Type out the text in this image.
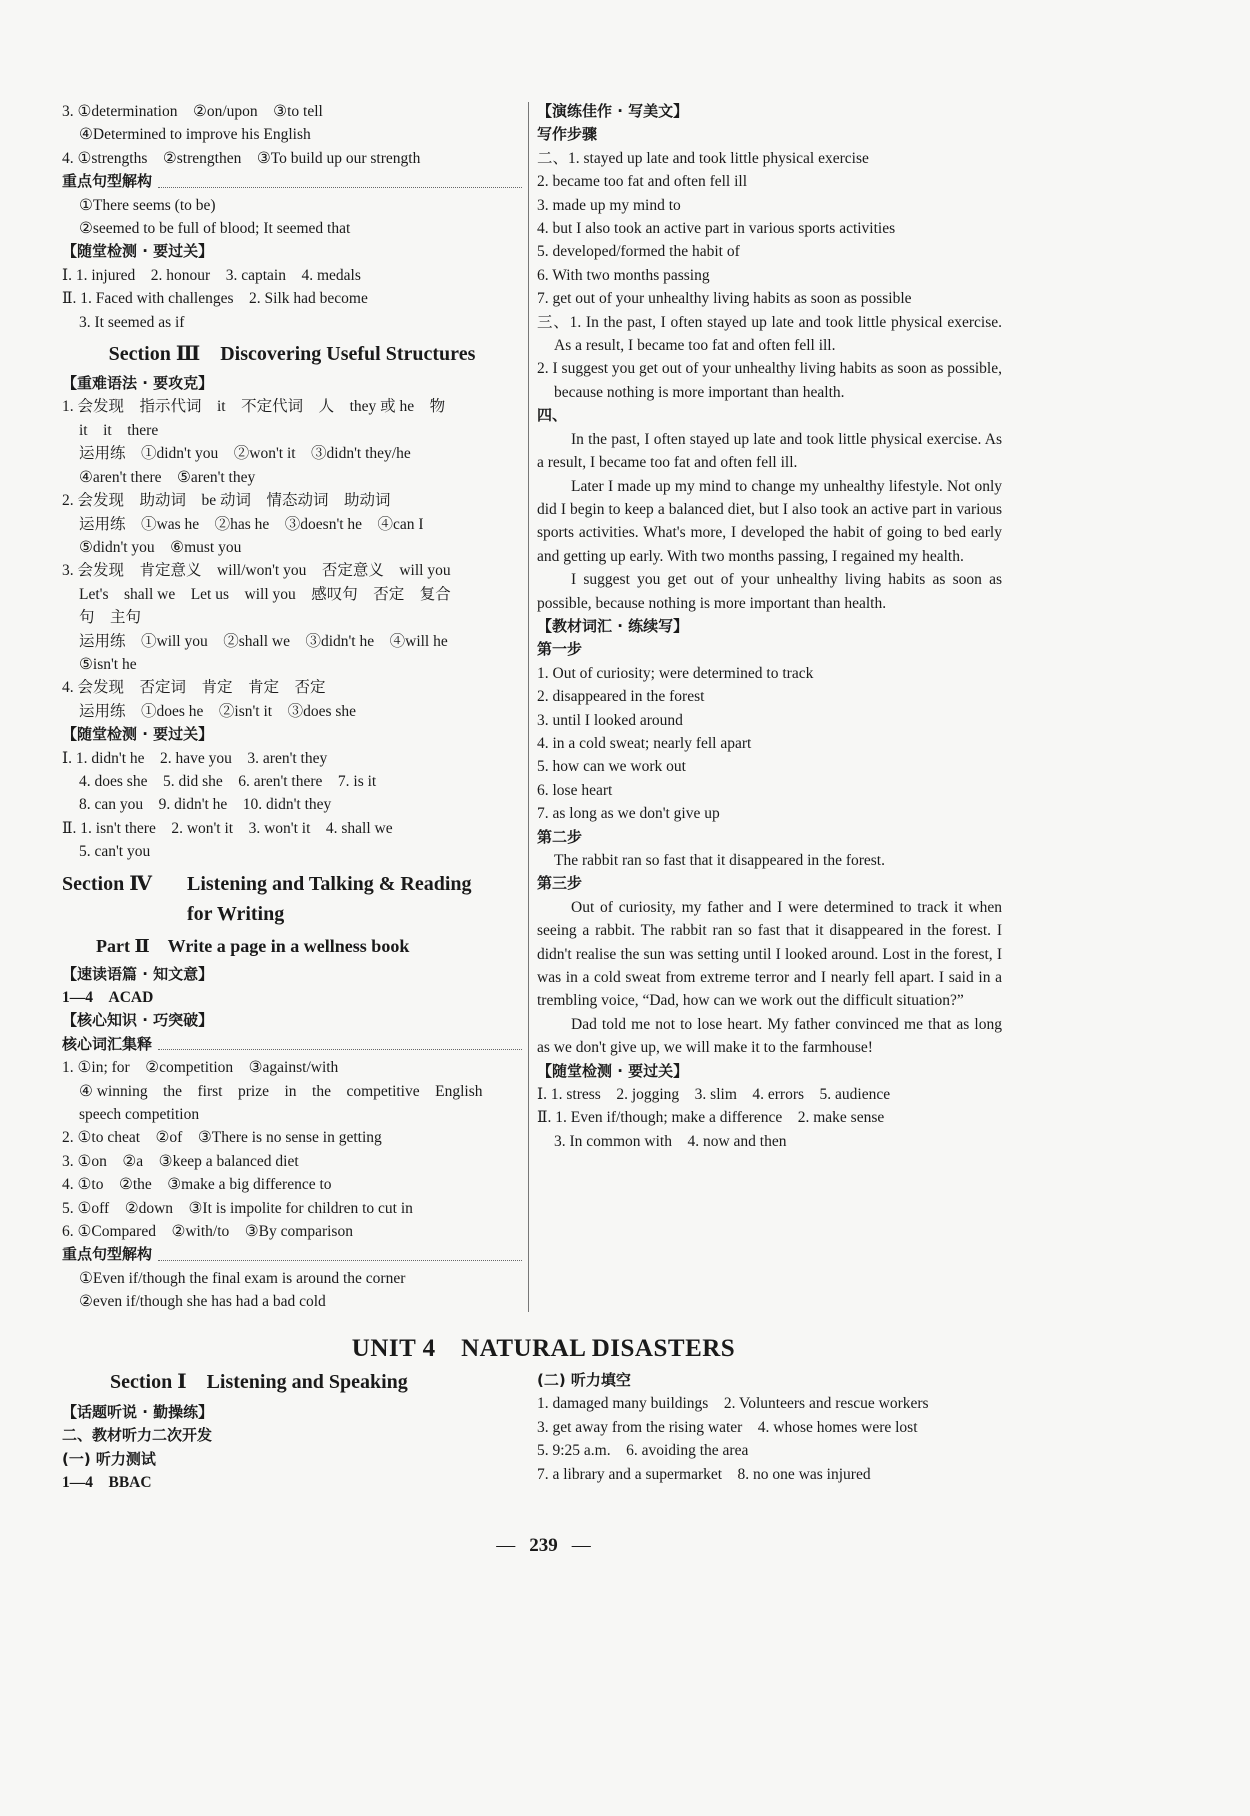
3. ①determination　②on/upon　③to tell
④Determined to improve his English
4. ①strengths　②strengthen　③To build up our strength
重点句型解构
①There seems (to be)
②seemed to be full of blood; It seemed that
【随堂检测 · 要过关】
Ⅰ. 1. injured　2. honour　3. captain　4. medals
Ⅱ. 1. Faced with challenges　2. Silk had become
3. It seemed as if
Section Ⅲ　Discovering Useful Structures
【重难语法 · 要攻克】
1. 会发现　指示代词　it　不定代词　人　they 或 he　物
it　it　there
运用练　①didn't you　②won't it　③didn't they/he
④aren't there　⑤aren't they
2. 会发现　助动词　be 动词　情态动词　助动词
运用练　①was he　②has he　③doesn't he　④can I
⑤didn't you　⑥must you
3. 会发现　肯定意义　will/won't you　否定意义　will you
Let's　shall we　Let us　will you　感叹句　否定　复合
句　主句
运用练　①will you　②shall we　③didn't he　④will he
⑤isn't he
4. 会发现　否定词　肯定　肯定　否定
运用练　①does he　②isn't it　③does she
【随堂检测 · 要过关】
Ⅰ. 1. didn't he　2. have you　3. aren't they
4. does she　5. did she　6. aren't there　7. is it
8. can you　9. didn't he　10. didn't they
Ⅱ. 1. isn't there　2. won't it　3. won't it　4. shall we
5. can't you
Section Ⅳ	Listening and Talking & Reading
for Writing
Part Ⅱ　Write a page in a wellness book
【速读语篇 · 知文意】
1—4　ACAD
【核心知识 · 巧突破】
核心词汇集释
1. ①in; for　②competition　③against/with
④ winning　the　first　prize　in　the　competitive　English
speech competition
2. ①to cheat　②of　③There is no sense in getting
3. ①on　②a　③keep a balanced diet
4. ①to　②the　③make a big difference to
5. ①off　②down　③It is impolite for children to cut in
6. ①Compared　②with/to　③By comparison
重点句型解构
①Even if/though the final exam is around the corner
②even if/though she has had a bad cold
【演练佳作 · 写美文】
写作步骤
二、1. stayed up late and took little physical exercise
2. became too fat and often fell ill
3. made up my mind to
4. but I also took an active part in various sports activities
5. developed/formed the habit of
6. With two months passing
7. get out of your unhealthy living habits as soon as possible
三、1. In the past, I often stayed up late and took little physical exercise. As a result, I became too fat and often fell ill.
2. I suggest you get out of your unhealthy living habits as soon as possible, because nothing is more important than health.
四、
In the past, I often stayed up late and took little physical exercise. As a result, I became too fat and often fell ill.
Later I made up my mind to change my unhealthy lifestyle. Not only did I begin to keep a balanced diet, but I also took an active part in various sports activities. What's more, I developed the habit of going to bed early and getting up early. With two months passing, I regained my health.
I suggest you get out of your unhealthy living habits as soon as possible, because nothing is more important than health.
【教材词汇 · 练续写】
第一步
1. Out of curiosity; were determined to track
2. disappeared in the forest
3. until I looked around
4. in a cold sweat; nearly fell apart
5. how can we work out
6. lose heart
7. as long as we don't give up
第二步
The rabbit ran so fast that it disappeared in the forest.
第三步
Out of curiosity, my father and I were determined to track it when seeing a rabbit. The rabbit ran so fast that it disappeared in the forest. I didn't realise the sun was setting until I looked around. Lost in the forest, I was in a cold sweat from extreme terror and I nearly fell apart. I said in a trembling voice, “Dad, how can we work out the difficult situation?”
Dad told me not to lose heart. My father convinced me that as long as we don't give up, we will make it to the farmhouse!
【随堂检测 · 要过关】
Ⅰ. 1. stress　2. jogging　3. slim　4. errors　5. audience
Ⅱ. 1. Even if/though; make a difference　2. make sense
3. In common with　4. now and then
UNIT 4　NATURAL DISASTERS
Section Ⅰ　Listening and Speaking
【话题听说 · 勤操练】
二、教材听力二次开发
(一) 听力测试
1—4　BBAC
(二) 听力填空
1. damaged many buildings　2. Volunteers and rescue workers
3. get away from the rising water　4. whose homes were lost
5. 9:25 a.m.　6. avoiding the area
7. a library and a supermarket　8. no one was injured
— 239 —
